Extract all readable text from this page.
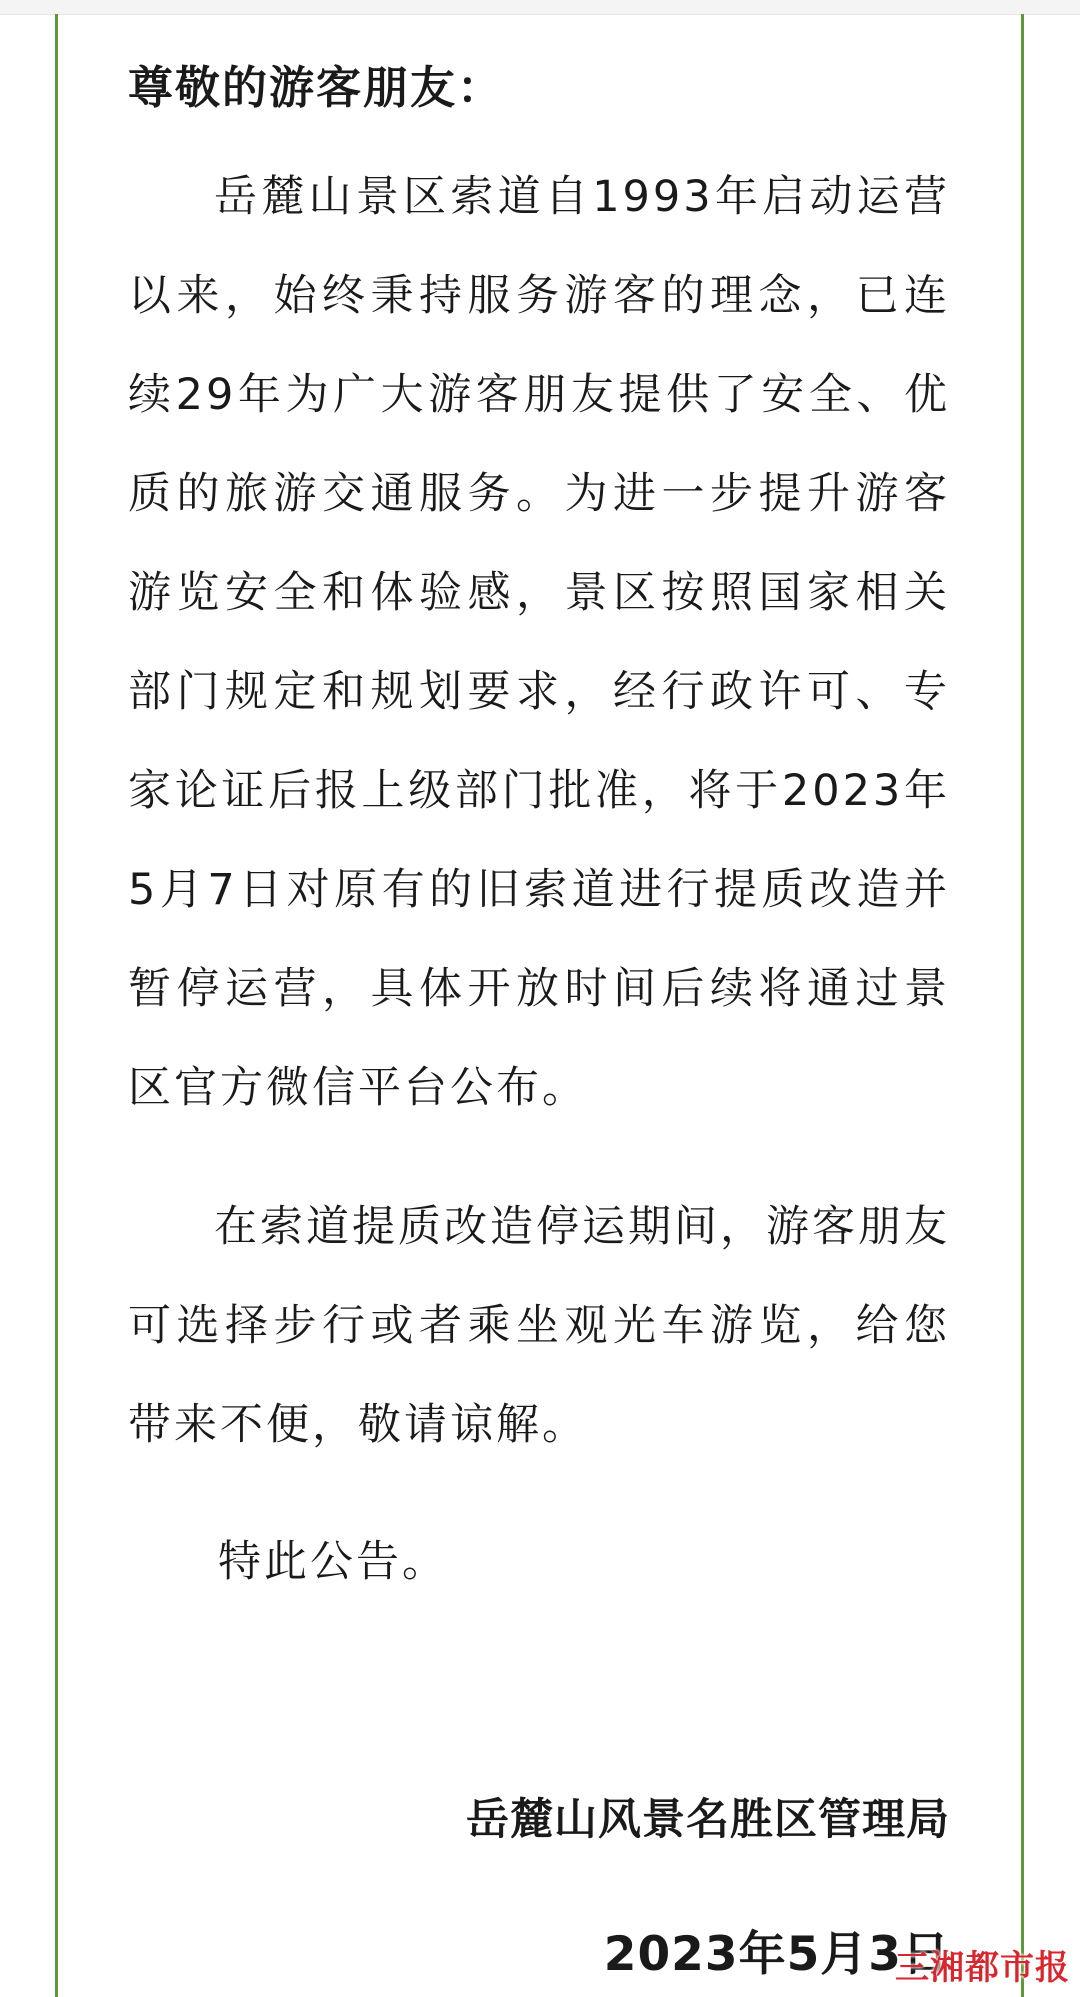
尊敬的游客朋友：

岳麓山景区索道自1993年启动运营以来，始终秉持服务游客的理念，已连续29年为广大游客朋友提供了安全、优质的旅游交通服务。为进一步提升游客游览安全和体验感，景区按照国家相关部门规定和规划要求，经行政许可、专家论证后报上级部门批准，将于2023年5月7日对原有的旧索道进行提质改造并暂停运营，具体开放时间后续将通过景区官方微信平台公布。

在索道提质改造停运期间，游客朋友可选择步行或者乘坐观光车游览，给您带来不便，敬请谅解。

特此公告。

岳麓山风景名胜区管理局

2023年5月3日

三湘都市报
